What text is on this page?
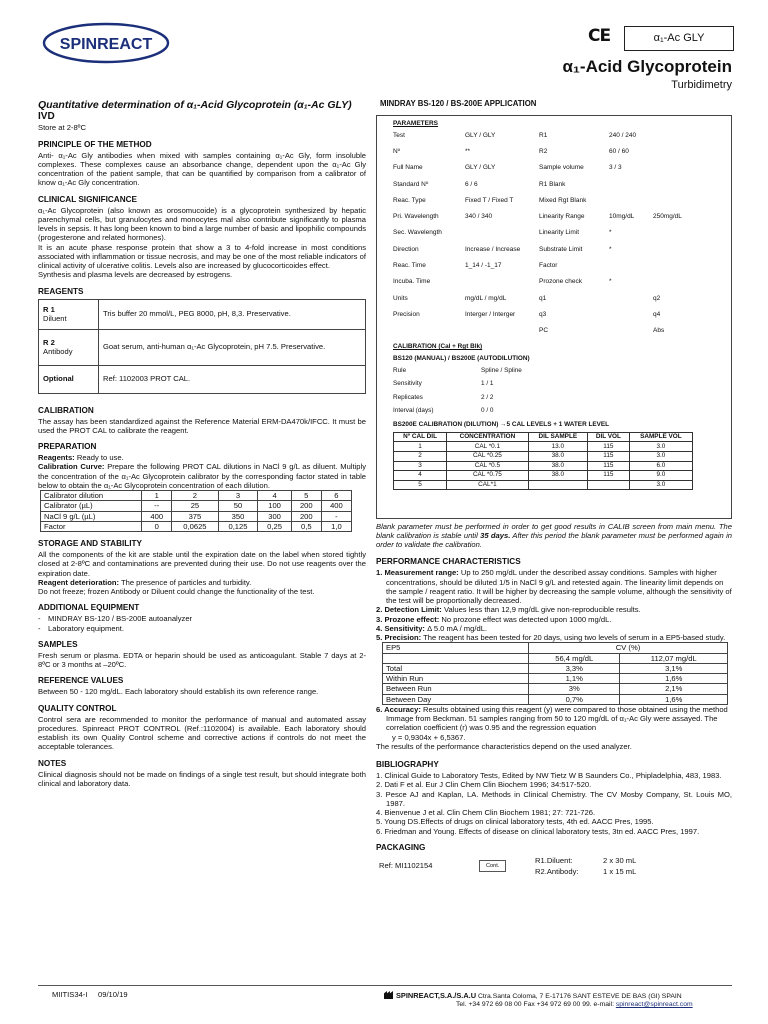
SPINREACT	CE	α₁-Ac GLY
α₁-Acid Glycoprotein
Turbidimetry
Quantitative determination of α₁-Acid Glycoprotein (α₁-Ac GLY)
IVD
Store at 2-8ºC
PRINCIPLE OF THE METHOD

Anti- α₁-Ac Gly antibodies when mixed with samples containing α₁-Ac Gly, form insoluble complexes. These complexes cause an absorbance change, dependent upon the α₁-Ac Gly concentration of the patient sample, that can be quantified by comparison from a calibrator of know α₁-Ac Gly concentration.

CLINICAL SIGNIFICANCE

α₁-Ac Glycoprotein (also known as orosomucoide) is a glycoprotein synthesized by hepatic parenchymal cells, but granulocytes and monocytes mal also contribute significantly to plasma levels in sepsis. It has long been known to bind a large number of basic and lipophilic compounds (progesterone and related hormones).

It is an acute phase response protein that show a 3 to 4-fold increase in most conditions associated with inflammation or tissue necrosis, and may be one of the most reliable indicators of clinical activity of ulcerative colitis. Levels also are increased by glucocorticoides effect.

Synthesis and plasma levels are decreased by estrogens.

REAGENTS
R 1
Diluent	Tris buffer 20 mmol/L, PEG 8000, pH, 8,3. Preservative.
R 2
Antibody	Goat serum, anti-human α₁-Ac Glycoprotein, pH 7.5. Preservative.
Optional	Ref: 1102003 PROT CAL.
CALIBRATION

The assay has been standardized against the Reference Material ERM-DA470k/IFCC. It must be used the PROT CAL to calibrate the reagent.

PREPARATION

Reagents: Ready to use.

Calibration Curve: Prepare the following PROT CAL dilutions in NaCl 9 g/L as diluent. Multiply the concentration of the α₁-Ac Glycoprotein calibrator by the corresponding factor stated in table below to obtain the α₁-Ac Glycoprotein concentration of each dilution.

Calibrator dilution	1	2	3	4	5	6
Calibrator (µL)	--	25	50	100	200	400
NaCl 9 g/L (µL)	400	375	350	300	200	-
Factor	0	0,0625	0,125	0,25	0,5	1,0
STORAGE AND STABILITY

All the components of the kit are stable until the expiration date on the label when stored tightly closed at 2-8ºC and contaminations are prevented during their use. Do not use reagents over the expiration date.

Reagent deterioration: The presence of particles and turbidity.

Do not freeze; frozen Antibody or Diluent could change the functionality of the test.

ADDITIONAL EQUIPMENT
- MINDRAY BS-120 / BS-200E autoanalyzer
- Laboratory equipment.
SAMPLES

Fresh serum or plasma. EDTA or heparin should be used as anticoagulant. Stable 7 days at 2-8ºC or 3 months at –20ºC.

REFERENCE VALUES

Between 50 - 120 mg/dL. Each laboratory should establish its own reference range.

QUALITY CONTROL

Control sera are recommended to monitor the performance of manual and automated assay procedures. Spinreact PROT CONTROL (Ref.:1102004) is available. Each laboratory should establish its own Quality Control scheme and corrective actions if controls do not meet the acceptable tolerances.

NOTES

Clinical diagnosis should not be made on findings of a single test result, but should integrate both clinical and laboratory data.

MINDRAY BS-120 / BS-200E APPLICATION
PARAMETERS
Test	GLY / GLY	R1	240 / 240	
Nº	**	R2	60 / 60	
Full Name	GLY / GLY	Sample volume	3 / 3	
Standard Nº	6 / 6	R1 Blank		
Reac. Type	Fixed T / Fixed T	Mixed Rgt Blank		
Pri. Wavelength	340 / 340	Linearity Range	10mg/dL	250mg/dL
Sec. Wavelength		Linearity Limit	*	
Direction	Increase / Increase	Substrate Limit	*	
Reac. Time	1_14 / -1_17	Factor		
Incuba. Time		Prozone check	*	
Units	mg/dL / mg/dL	q1		q2
Precision	Interger / Interger	q3		q4
		PC		Abs
CALIBRATION (Cal + Rgt Blk)
BS120 (MANUAL) / BS200E (AUTODILUTION)
Rule	Spline / Spline
Sensitivity	1 / 1
Replicates	2 / 2
Interval (days)	0 / 0
BS200E CALIBRATION (DILUTION) →5 CAL LEVELS + 1 WATER LEVEL
Nº CAL DIL	CONCENTRATION	DIL SAMPLE	DIL VOL	SAMPLE VOL
1	CAL *0.1	13.0	115	3.0
2	CAL *0.25	38.0	115	3.0
3	CAL *0.5	38.0	115	6.0
4	CAL *0.75	38.0	115	9.0
5	CAL*1			3.0

Blank parameter must be performed in order to get good results in CALIB screen from main menu. The blank calibration is stable until 35 days. After this period the blank parameter must be performed again in order to validate the calibration.

PERFORMANCE CHARACTERISTICS
1. Measurement range: Up to 250 mg/dL under the described assay conditions. Samples with higher concentrations, should be diluted 1/5 in NaCl 9 g/L and retested again. The linearity limit depends on the sample / reagent ratio. It will be higher by decreasing the sample volume, although the sensitivity of the test will be proportionally decreased.
2. Detection Limit: Values less than 12,9 mg/dL give non-reproducible results.
3. Prozone effect: No prozone effect was detected upon 1000 mg/dL.
4. Sensitivity: Δ 5.0 mA / mg/dL.
5. Precision: The reagent has been tested for 20 days, using two levels of serum in a EP5-based study.
EP5	CV (%)	
	56,4 mg/dL	112,07 mg/dL
Total	3,3%	3,1%
Within Run	1,1%	1,6%
Between Run	3%	2,1%
Between Day	0,7%	1,6%
6. Accuracy: Results obtained using this reagent (y) were compared to those obtained using the method Immage from Beckman. 51 samples ranging from 50 to 120 mg/dL of α₁-Ac Gly were assayed. The correlation coefficient (r) was 0.95 and the regression equation
y = 0,9304x + 6,5367.

The results of the performance characteristics depend on the used analyzer.

BIBLIOGRAPHY
1. Clinical Guide to Laboratory Tests, Edited by NW Tietz W B Saunders Co., Phipladelphia, 483, 1983.
2. Dati F et al. Eur J Clin Chem Clin Biochem 1996; 34:517-520.
3. Pesce AJ and Kaplan, LA. Methods in Clinical Chemistry. The CV Mosby Company, St. Louis MO, 1987.
4. Bienvenue J et al. Clin Chem Clin Biochem 1981; 27: 721-726.
5. Young DS.Effects of drugs on clinical laboratory tests, 4th ed. AACC Pres, 1995.
6. Friedman and Young. Effects of disease on clinical laboratory tests, 3tn ed. AACC Pres, 1997.
PACKAGING
Ref: MI1102154	Cont.	R1.Diluent:	2 x 30 mL
		R2.Antibody:	1 x 15 mL
MIITIS34-I     09/10/19	SPINREACT,S.A./S.A.U Ctra.Santa Coloma, 7 E-17176 SANT ESTEVE DE BAS (GI) SPAIN
Tel. +34 972 69 08 00 Fax +34 972 69 00 99. e-mail: spinreact@spinreact.com
